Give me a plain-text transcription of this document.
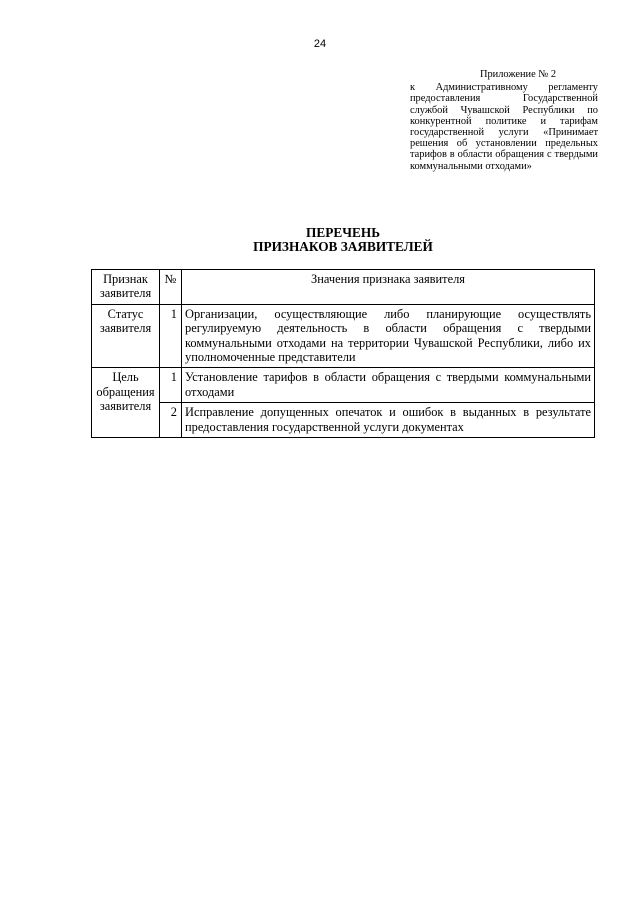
24
Приложение № 2
к Административному регламенту предоставления Государственной службой Чувашской Республики по конкурентной политике и тарифам государственной услуги «Принимает решения об установлении предельных тарифов в области обращения с твердыми коммунальными отходами»
ПЕРЕЧЕНЬ
ПРИЗНАКОВ ЗАЯВИТЕЛЕЙ
Признак заявителя	№	Значения признака заявителя
Статус заявителя	1	Организации, осуществляющие либо планирующие осуществлять регулируемую деятельность в области обращения с твердыми коммунальными отходами на территории Чувашской Республики, либо их уполномоченные представители
Цель обращения заявителя	1	Установление тарифов в области обращения с твердыми коммунальными отходами
	2	Исправление допущенных опечаток и ошибок в выданных в результате предоставления государственной услуги документах
